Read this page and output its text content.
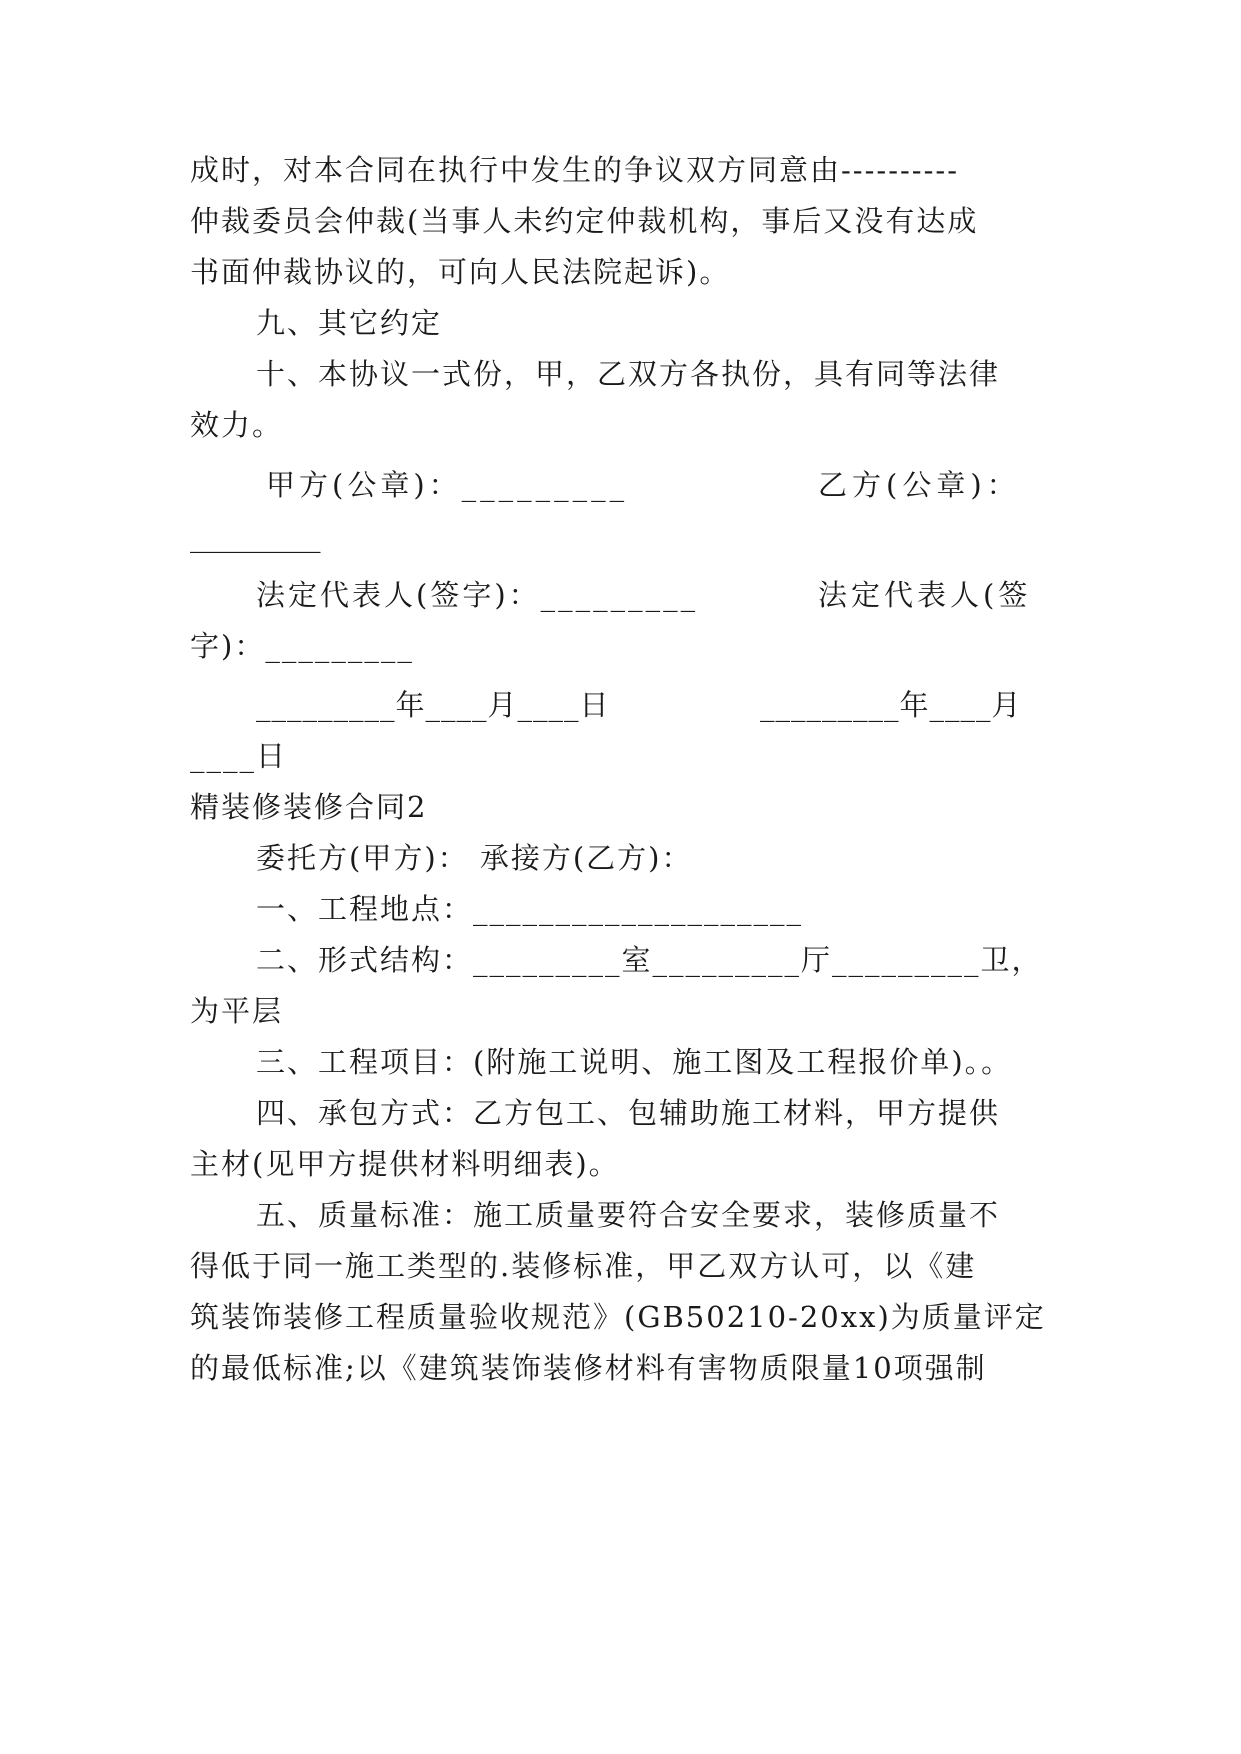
成时，对本合同在执行中发生的争议双方同意由----------
仲裁委员会仲裁(当事人未约定仲裁机构，事后又没有达成
书面仲裁协议的，可向人民法院起诉)。
九、其它约定
十、本协议一式份，甲，乙双方各执份，具有同等法律
效力。
甲方(公章)：_________	乙方(公章)：
_________
法定代表人(签字)：_________	法定代表人(签
字)：_________
_________年____月____日	_________年____月
____日
精装修装修合同2
委托方(甲方)： 承接方(乙方)：
一、工程地点：____________________
二、形式结构：_________室_________厅_________卫，
为平层
三、工程项目：(附施工说明、施工图及工程报价单)。。
四、承包方式：乙方包工、包辅助施工材料，甲方提供
主材(见甲方提供材料明细表)。
五、质量标准：施工质量要符合安全要求，装修质量不
得低于同一施工类型的.装修标准，甲乙双方认可，以《建
筑装饰装修工程质量验收规范》(GB50210-20xx)为质量评定
的最低标准;以《建筑装饰装修材料有害物质限量10项强制
